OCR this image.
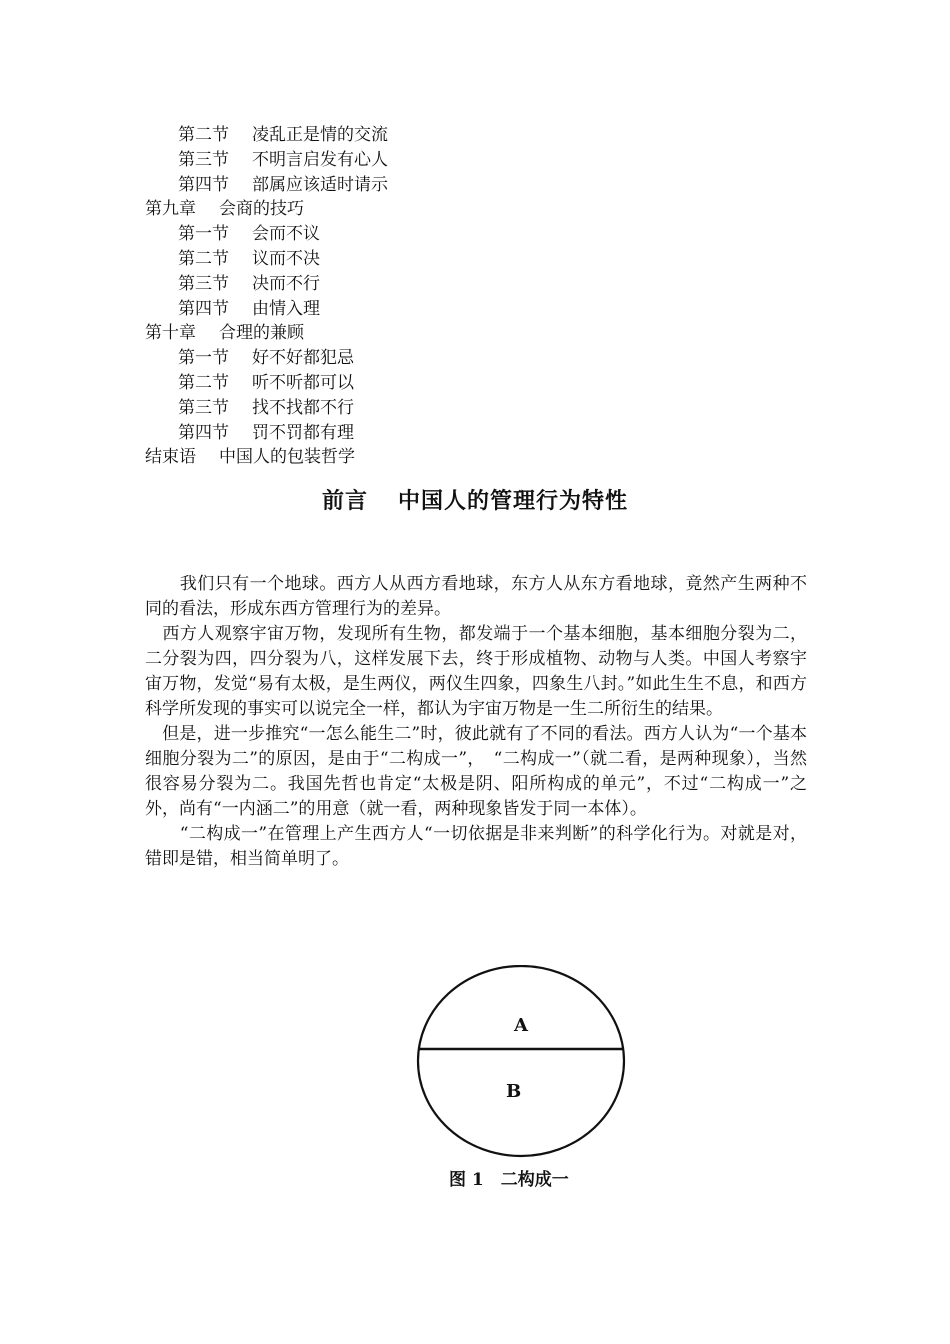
第二节 凌乱正是情的交流
第三节 不明言启发有心人
第四节 部属应该适时请示
第九章 会商的技巧
第一节 会而不议
第二节 议而不决
第三节 决而不行
第四节 由情入理
第十章 合理的兼顾
第一节 好不好都犯忌
第二节 听不听都可以
第三节 找不找都不行
第四节 罚不罚都有理
结束语 中国人的包装哲学
前言 中国人的管理行为特性

　　我们只有一个地球。西方人从西方看地球，东方人从东方看地球，竟然产生两种不同的看法，形成东西方管理行为的差异。

　西方人观察宇宙万物，发现所有生物，都发端于一个基本细胞，基本细胞分裂为二，二分裂为四，四分裂为八，这样发展下去，终于形成植物、动物与人类。中国人考察宇宙万物，发觉“易有太极，是生两仪，两仪生四象，四象生八封。”如此生生不息，和西方科学所发现的事实可以说完全一样，都认为宇宙万物是一生二所衍生的结果。

　但是，进一步推究“一怎么能生二”时，彼此就有了不同的看法。西方人认为“一个基本细胞分裂为二”的原因，是由于“二构成一”，　“二构成一”（就二看，是两种现象），当然很容易分裂为二。我国先哲也肯定“太极是阴、阳所构成的单元”，不过“二构成一”之外，尚有“一内涵二”的用意（就一看，两种现象皆发于同一本体）。

　　“二构成一”在管理上产生西方人“一切依据是非来判断”的科学化行为。对就是对，错即是错，相当简单明了。

A
B
图 1　二构成一
